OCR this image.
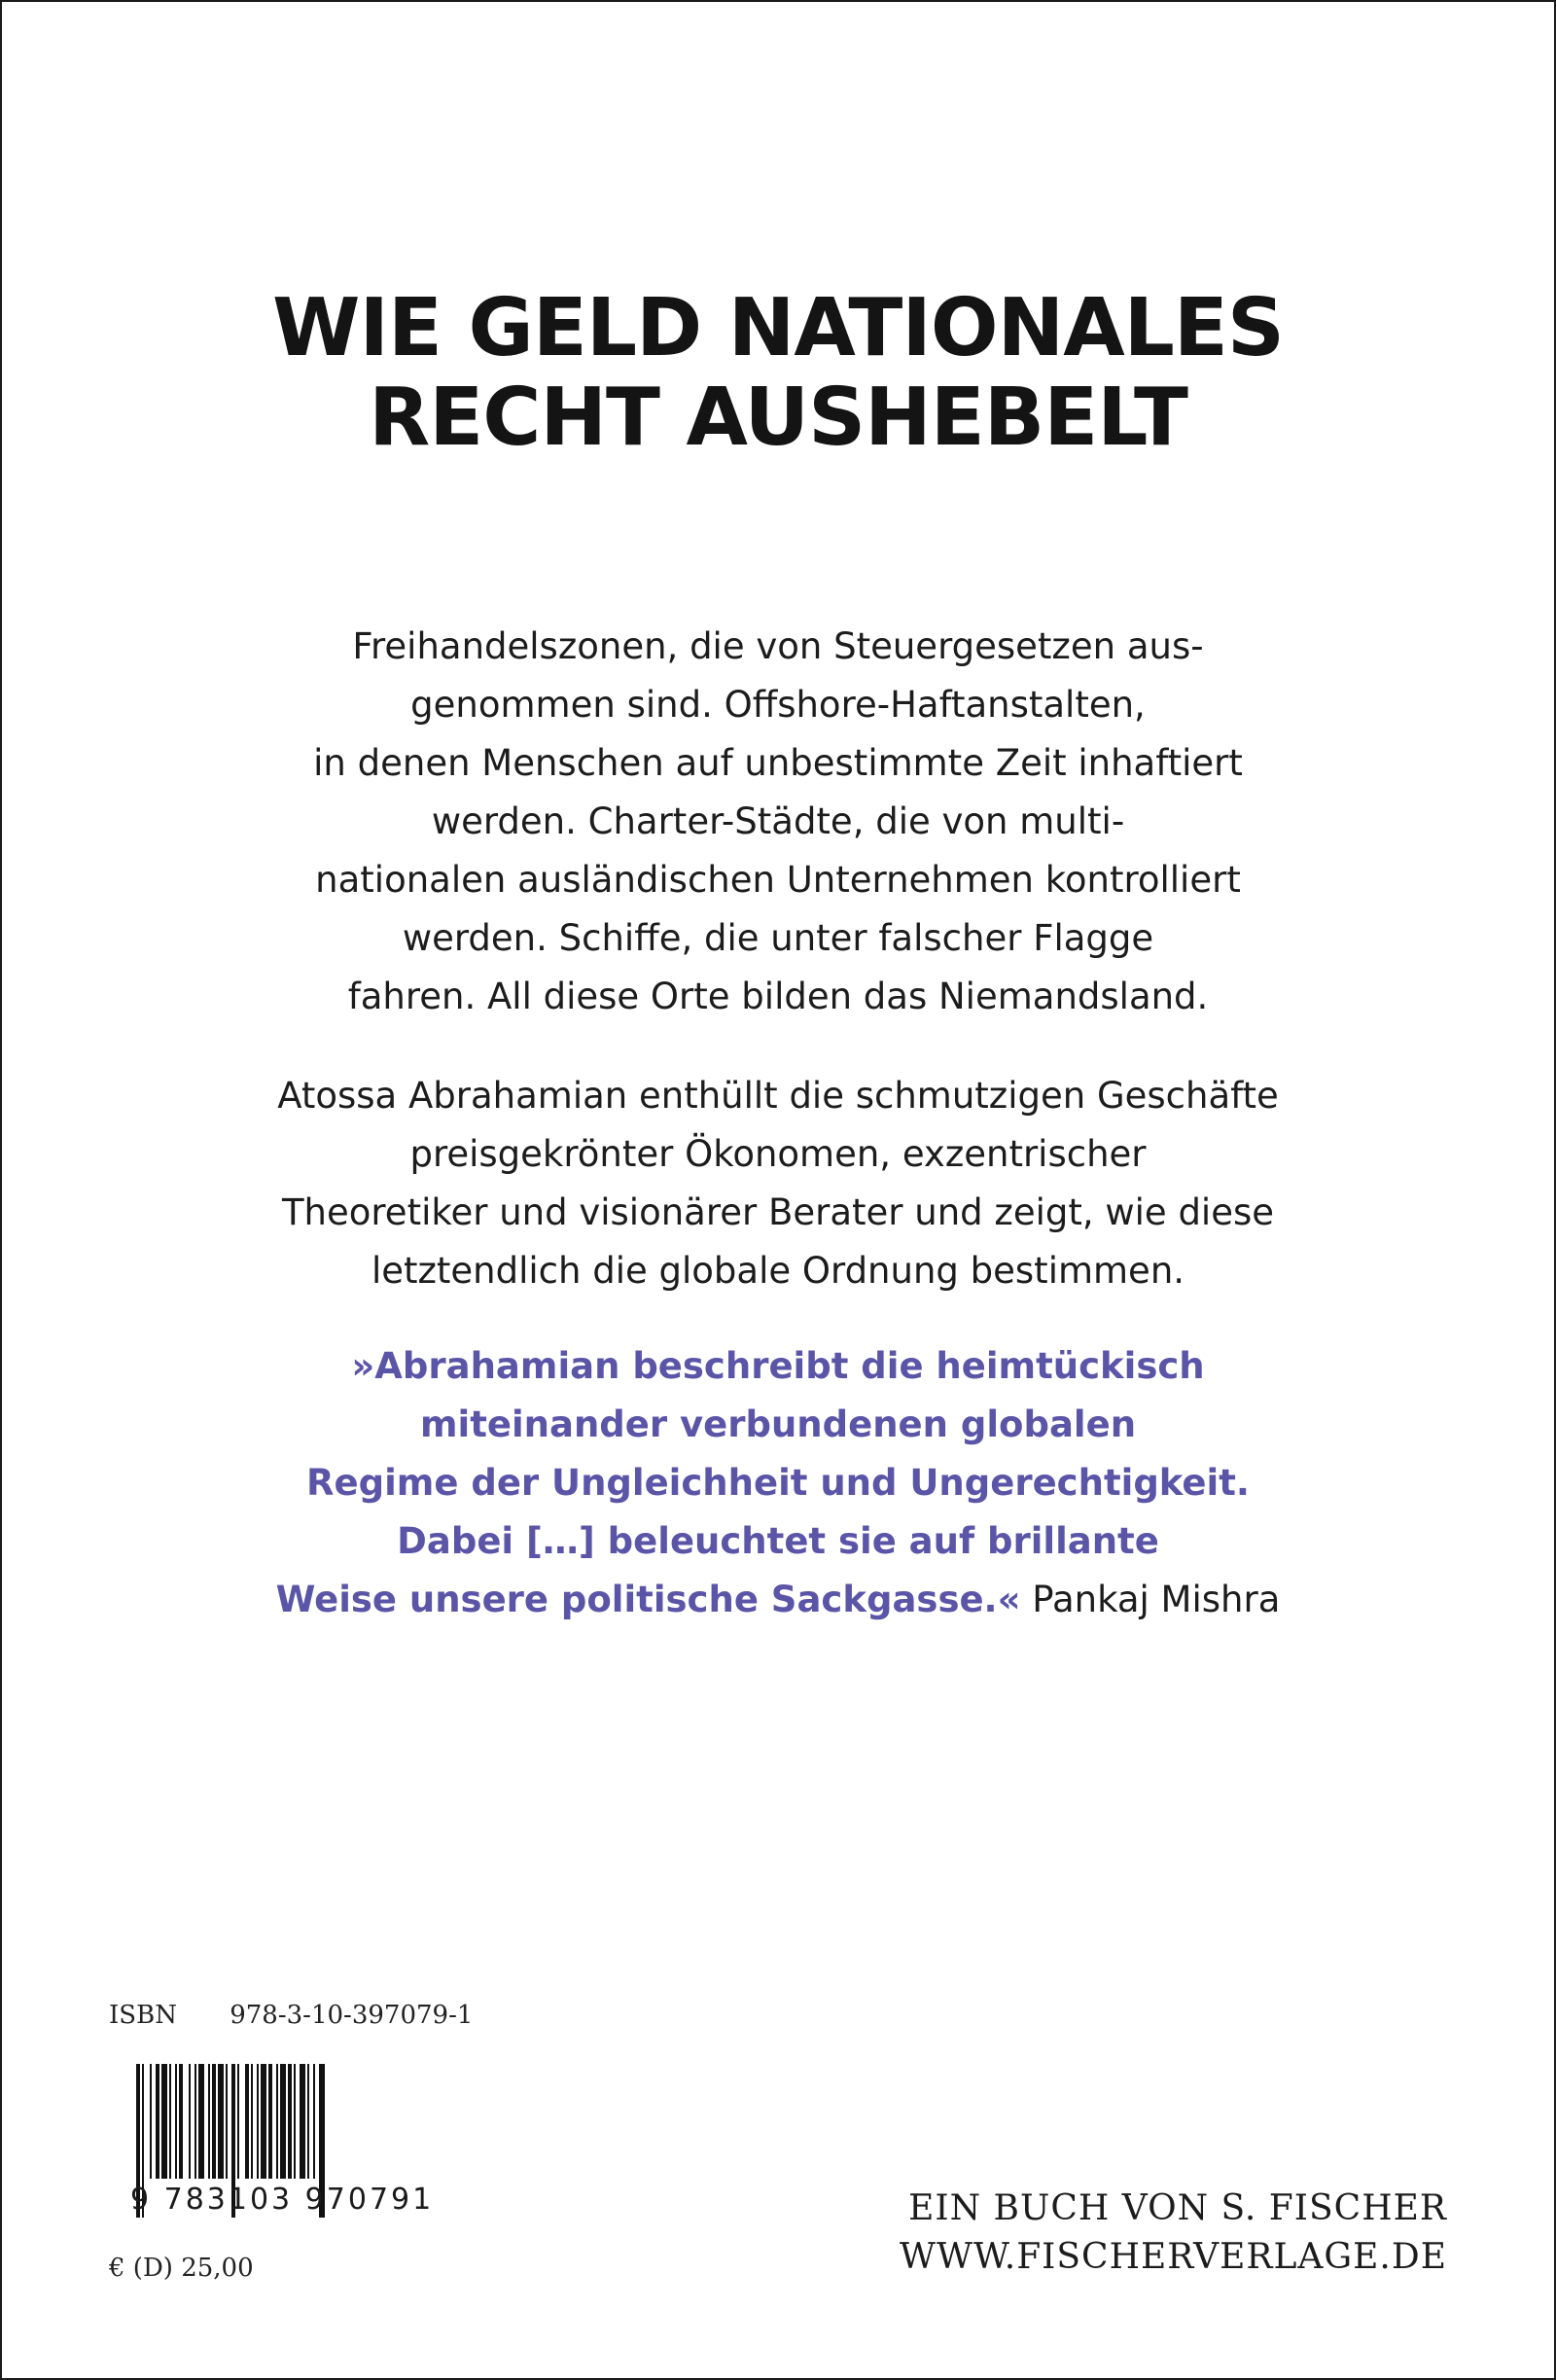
WIE GELD NATIONALES
RECHT AUSHEBELT
Freihandelszonen, die von Steuergesetzen aus-
genommen sind. Offshore-Haftanstalten,
in denen Menschen auf unbestimmte Zeit inhaftiert
werden. Charter-Städte, die von multi-
nationalen ausländischen Unternehmen kontrolliert
werden. Schiffe, die unter falscher Flagge
fahren. All diese Orte bilden das Niemandsland.
Atossa Abrahamian enthüllt die schmutzigen Geschäfte
preisgekrönter Ökonomen, exzentrischer
Theoretiker und visionärer Berater und zeigt, wie diese
letztendlich die globale Ordnung bestimmen.
»Abrahamian beschreibt die heimtückisch
miteinander verbundenen globalen
Regime der Ungleichheit und Ungerechtigkeit.
Dabei […] beleuchtet sie auf brillante
Weise unsere politische Sackgasse.« Pankaj Mishra
ISBN 978-3-10-397079-1
9 783103 970791
€ (D) 25,00
EIN BUCH VON S. FISCHER
WWW.FISCHERVERLAGE.DE
